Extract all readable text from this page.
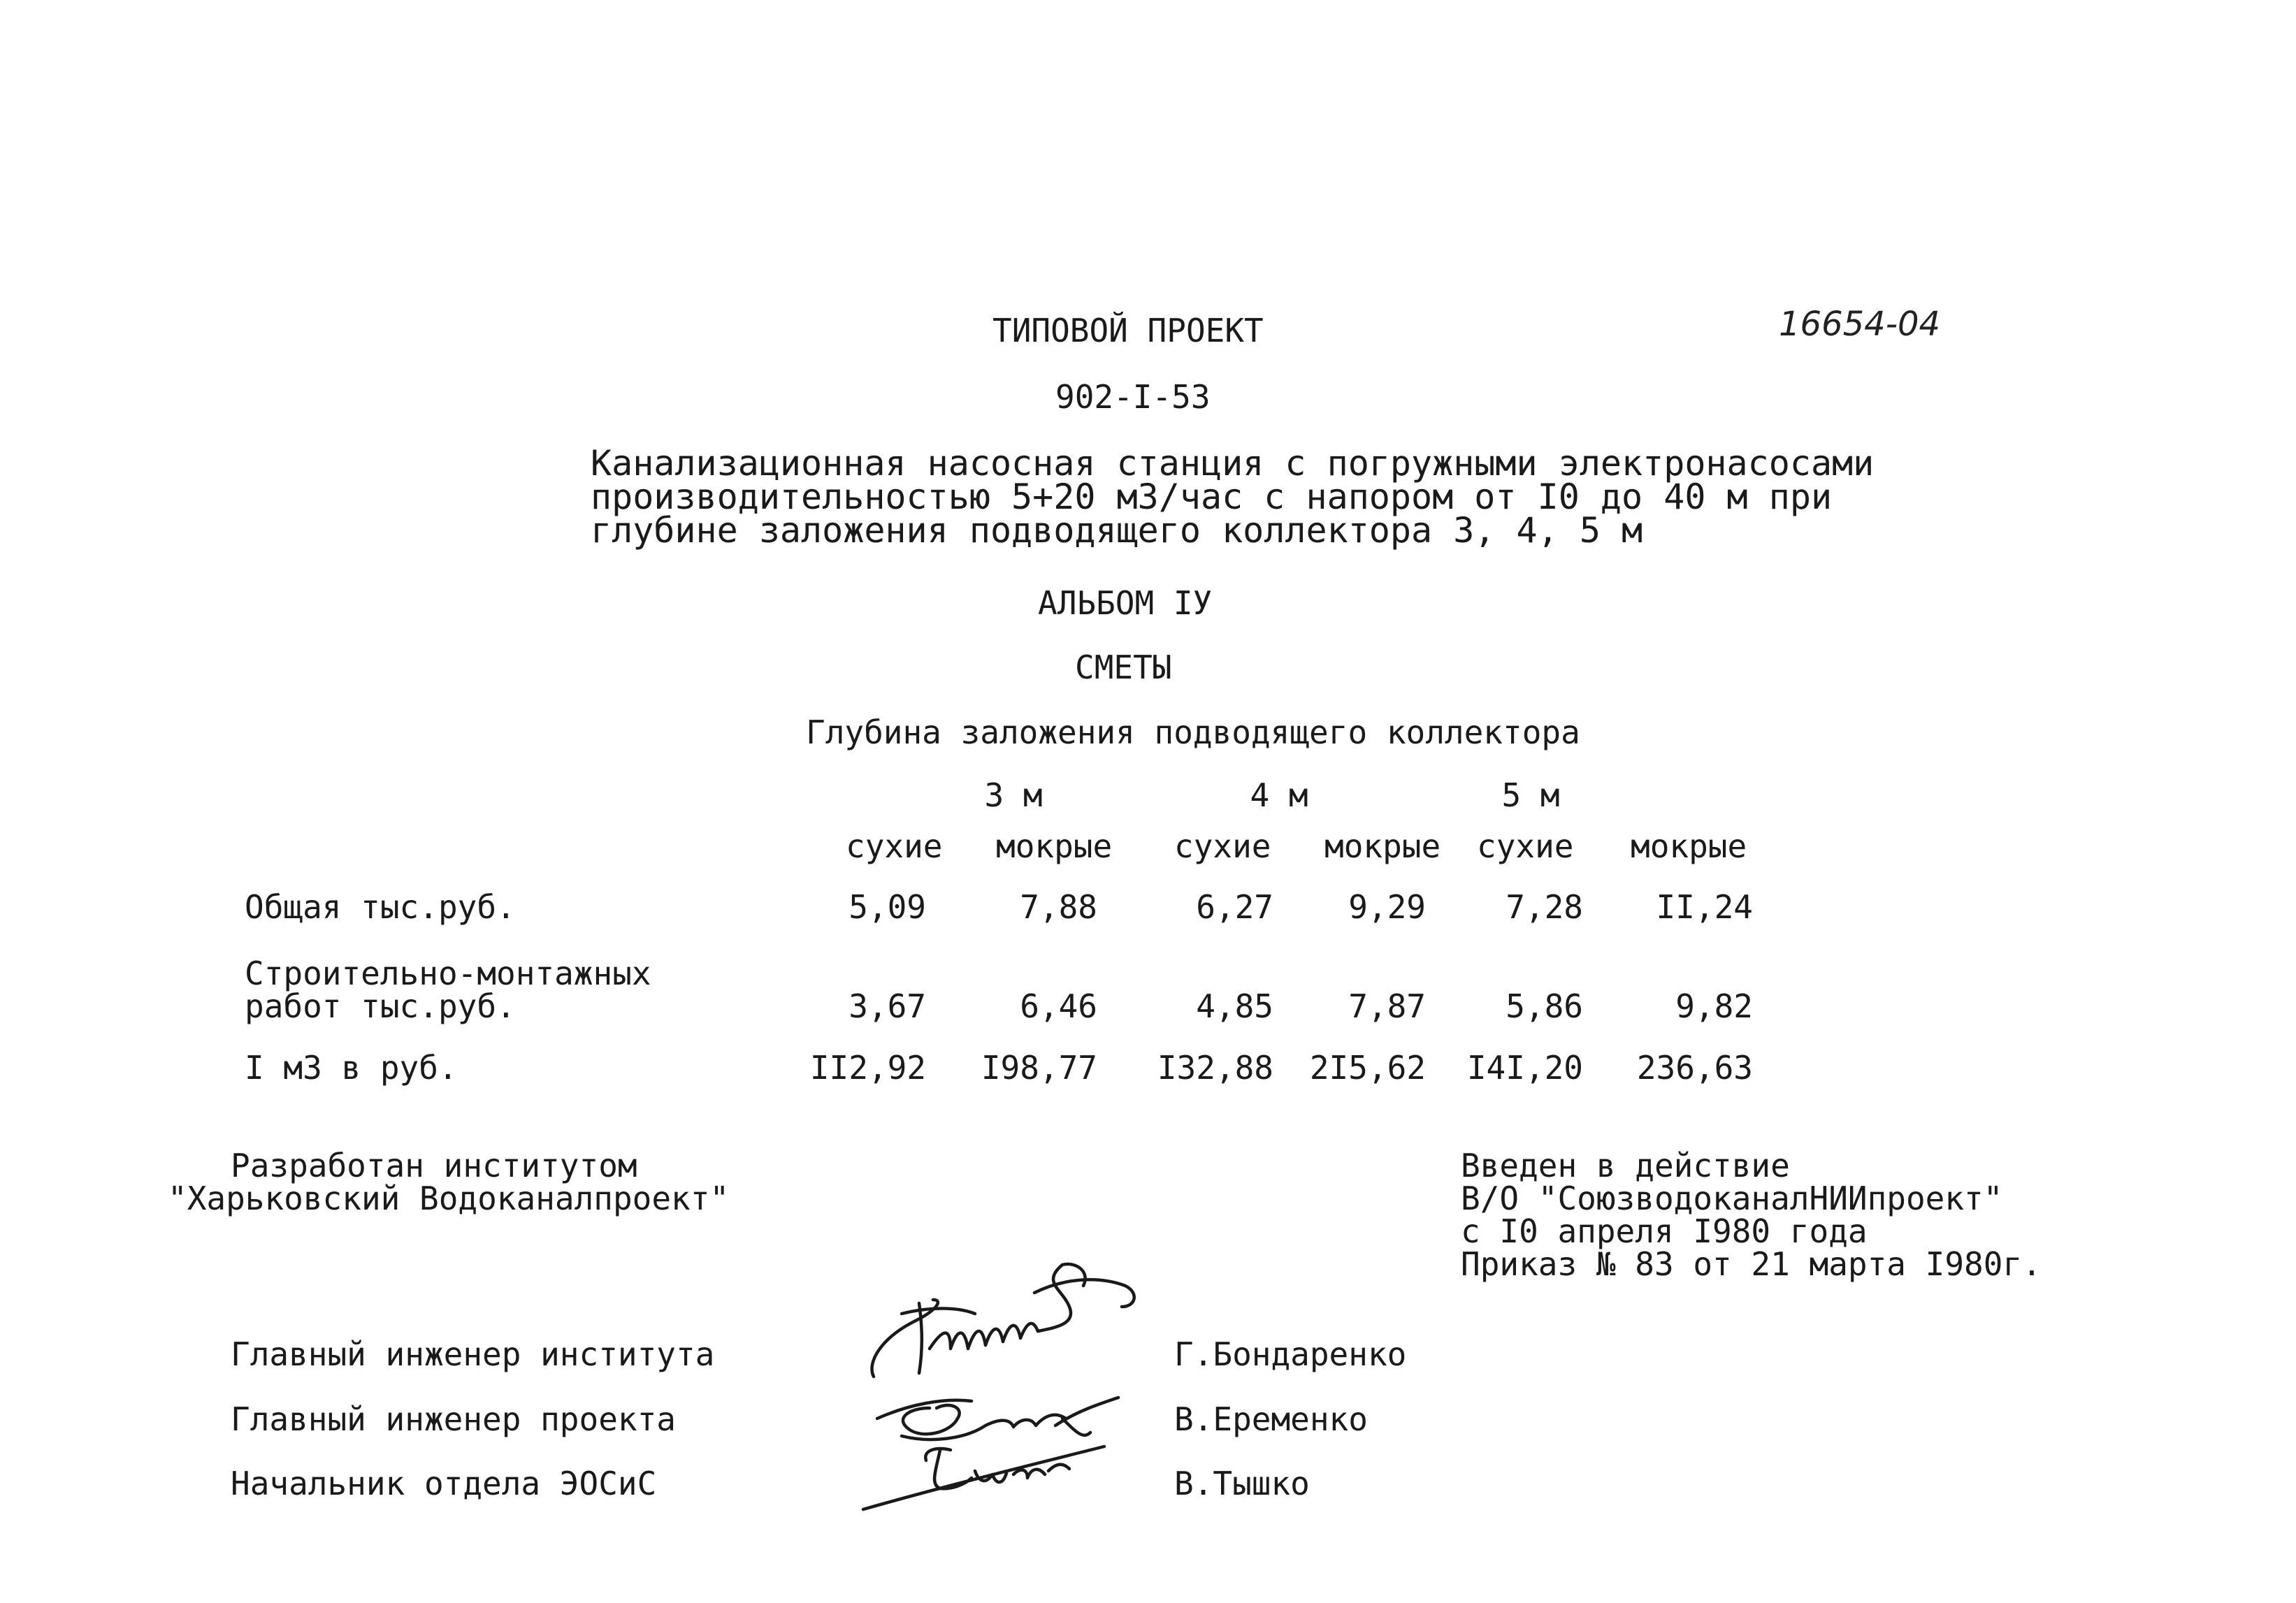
16654-04
ТИПОВОЙ ПРОЕКТ
902-I-53
Канализационная насосная станция с погружными электронасосами
производительностью 5+20 м3/час с напором от I0 до 40 м при
глубине заложения подводящего коллектора 3, 4, 5 м
АЛЬБОМ IУ
СМЕТЫ
Глубина заложения подводящего коллектора
3 м	4 м	5 м
сухие мокрые сухие мокрые сухие мокрые
Общая тыс.руб.	5,09	7,88	6,27	9,29	7,28	II,24
Строительно-монтажных
работ тыс.руб.	3,67	6,46	4,85	7,87	5,86	9,82
I м3 в руб.	II2,92	I98,77	I32,88	2I5,62	I4I,20	236,63
Разработан институтом
"Харьковский Водоканалпроект"
Введен в действие
В/О "СоюзводоканалНИИпроект"
с I0 апреля I980 года
Приказ № 83 от 21 марта I980г.
Главный инженер института	Г.Бондаренко
Главный инженер проекта	В.Еременко
Начальник отдела ЭОСиС	В.Тышко
